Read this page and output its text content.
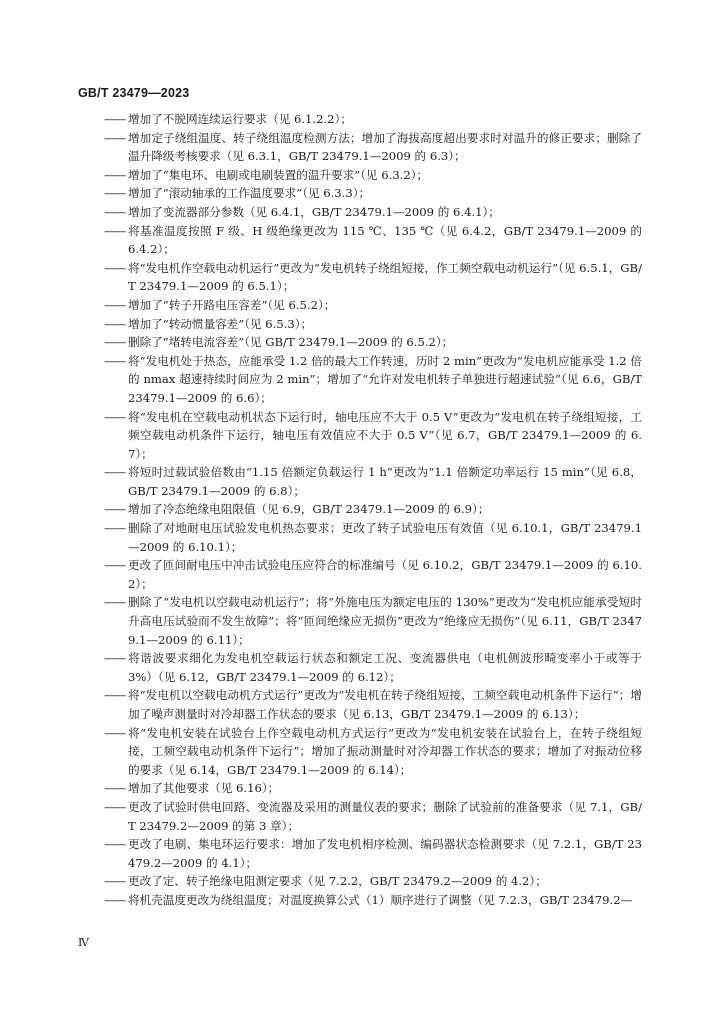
GB/T 23479—2023
——
增加了不脱网连续运行要求（见 6.1.2.2）；
——
增加定子绕组温度、转子绕组温度检测方法；增加了海拔高度超出要求时对温升的修正要求；删除了温升降级考核要求（见 6.3.1，GB/T 23479.1—2009 的 6.3）；
——
增加了“集电环、电刷或电刷装置的温升要求”（见 6.3.2）；
——
增加了“滚动轴承的工作温度要求”（见 6.3.3）；
——
增加了变流器部分参数（见 6.4.1，GB/T 23479.1—2009 的 6.4.1）；
——
将基准温度按照 F 级、H 级绝缘更改为 115 ℃、135 ℃（见 6.4.2，GB/T 23479.1—2009 的 6.4.2）；
——
将“发电机作空载电动机运行”更改为“发电机转子绕组短接，作工频空载电动机运行”（见 6.5.1，GB/T 23479.1—2009 的 6.5.1）；
——
增加了“转子开路电压容差”（见 6.5.2）；
——
增加了“转动惯量容差”（见 6.5.3）；
——
删除了“堵转电流容差”（见 GB/T 23479.1—2009 的 6.5.2）；
——
将“发电机处于热态，应能承受 1.2 倍的最大工作转速，历时 2 min”更改为“发电机应能承受 1.2 倍的 nmax 超速持续时间应为 2 min”；增加了“允许对发电机转子单独进行超速试验”（见 6.6，GB/T 23479.1—2009 的 6.6）；
——
将“发电机在空载电动机状态下运行时，轴电压应不大于 0.5 V”更改为“发电机在转子绕组短接，工频空载电动机条件下运行，轴电压有效值应不大于 0.5 V”（见 6.7，GB/T 23479.1—2009 的 6.7）；
——
将短时过载试验倍数由“1.15 倍额定负载运行 1 h”更改为“1.1 倍额定功率运行 15 min”（见 6.8，GB/T 23479.1—2009 的 6.8）；
——
增加了冷态绝缘电阻限值（见 6.9，GB/T 23479.1—2009 的 6.9）；
——
删除了对地耐电压试验发电机热态要求；更改了转子试验电压有效值（见 6.10.1，GB/T 23479.1—2009 的 6.10.1）；
——
更改了匝间耐电压中冲击试验电压应符合的标准编号（见 6.10.2，GB/T 23479.1—2009 的 6.10.2）；
——
删除了“发电机以空载电动机运行”；将“外施电压为额定电压的 130%”更改为“发电机应能承受短时升高电压试验而不发生故障”；将“匝间绝缘应无损伤”更改为“绝缘应无损伤”（见 6.11，GB/T 23479.1—2009 的 6.11）；
——
将谐波要求细化为发电机空载运行状态和额定工况、变流器供电（电机侧波形畸变率小于或等于 3%）（见 6.12，GB/T 23479.1—2009 的 6.12）；
——
将“发电机以空载电动机方式运行”更改为“发电机在转子绕组短接，工频空载电动机条件下运行”；增加了噪声测量时对冷却器工作状态的要求（见 6.13，GB/T 23479.1—2009 的 6.13）；
——
将“发电机安装在试验台上作空载电动机方式运行”更改为“发电机安装在试验台上，在转子绕组短接，工频空载电动机条件下运行”；增加了振动测量时对冷却器工作状态的要求；增加了对振动位移的要求（见 6.14，GB/T 23479.1—2009 的 6.14）；
——
增加了其他要求（见 6.16）；
——
更改了试验时供电回路、变流器及采用的测量仪表的要求；删除了试验前的准备要求（见 7.1，GB/T 23479.2—2009 的第 3 章）；
——
更改了电刷、集电环运行要求：增加了发电机相序检测、编码器状态检测要求（见 7.2.1，GB/T 23479.2—2009 的 4.1）；
——
更改了定、转子绝缘电阻测定要求（见 7.2.2，GB/T 23479.2—2009 的 4.2）；
——
将机壳温度更改为绕组温度；对温度换算公式（1）顺序进行了调整（见 7.2.3，GB/T 23479.2—
Ⅳ
